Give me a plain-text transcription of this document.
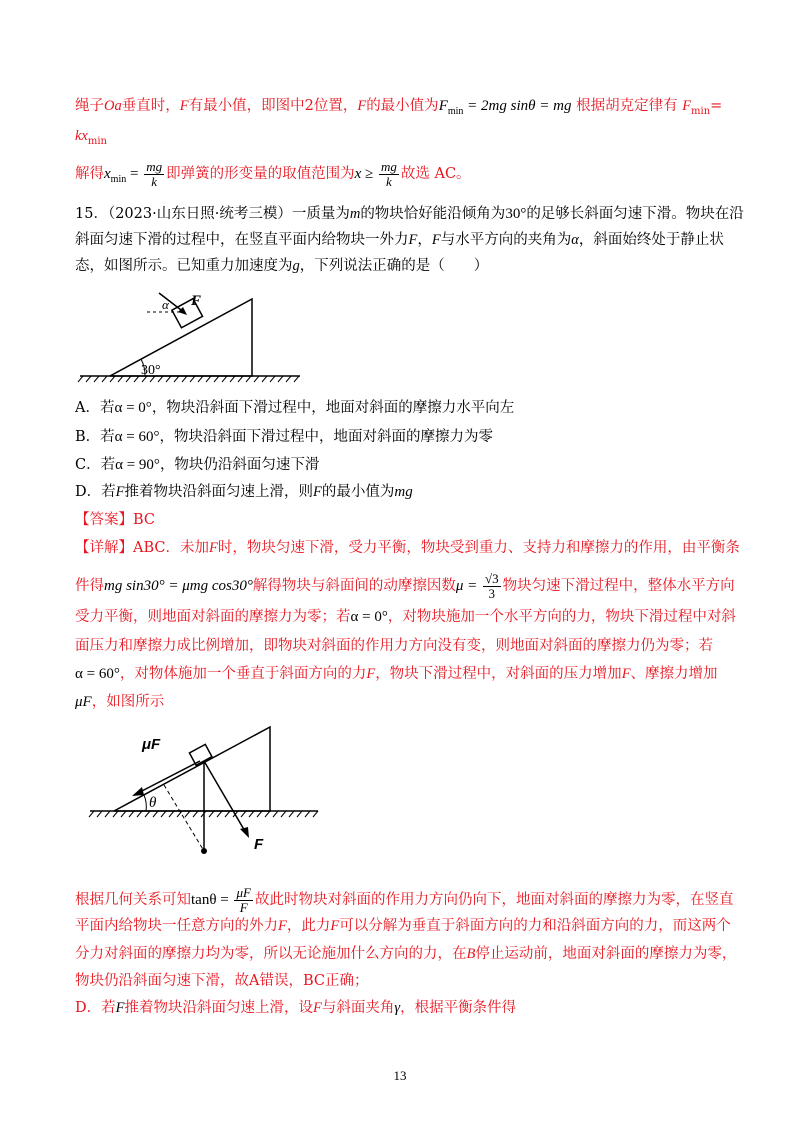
绳子Oa垂直时，F有最小值，即图中2位置，F的最小值为$F_{min} = 2mg$ sinθ = mg 根据胡克定律有 $F_{min}=$
$kx_{min}$
解得$x_{min} = \frac{mg}{k}$ 即弹簧的形变量的取值范围为$x \ge \frac{mg}{k}$ 故选 AC。
15．（2023·山东日照·统考三模）一质量为m的物块恰好能沿倾角为30°的足够长斜面匀速下滑。物块在沿
斜面匀速下滑的过程中，在竖直平面内给物块一外力F，F与水平方向的夹角为α，斜面始终处于静止状
态，如图所示。已知重力加速度为g，下列说法正确的是（　　）
30°
α F
A．若α = 0°，物块沿斜面下滑过程中，地面对斜面的摩擦力水平向左
B．若α = 60°，物块沿斜面下滑过程中，地面对斜面的摩擦力为零
C．若α = 90°，物块仍沿斜面匀速下滑
D．若F推着物块沿斜面匀速上滑，则F的最小值为mg
【答案】BC
【详解】ABC．未加F时，物块匀速下滑，受力平衡，物块受到重力、支持力和摩擦力的作用，由平衡条
件得mg sin30° = μmg cos30°解得物块与斜面间的动摩擦因数$\mu = \frac{√3}{3}$ 物块匀速下滑过程中，整体水平方向
受力平衡，则地面对斜面的摩擦力为零；若α = 0°，对物块施加一个水平方向的力，物块下滑过程中对斜
面压力和摩擦力成比例增加，即物块对斜面的作用力方向没有变，则地面对斜面的摩擦力仍为零；若
α = 60°，对物体施加一个垂直于斜面方向的力F，物块下滑过程中，对斜面的压力增加F、摩擦力增加
μF，如图所示
θ
μF
F
根据几何关系可知$\tan\theta = \frac{\mu F}{F}$ 故此时物块对斜面的作用力方向仍向下，地面对斜面的摩擦力为零，在竖直
平面内给物块一任意方向的外力F，此力F可以分解为垂直于斜面方向的力和沿斜面方向的力，而这两个
分力对斜面的摩擦力均为零，所以无论施加什么方向的力，在B停止运动前，地面对斜面的摩擦力为零，
物块仍沿斜面匀速下滑，故A错误，BC正确；
D．若F推着物块沿斜面匀速上滑，设F与斜面夹角γ，根据平衡条件得
13
